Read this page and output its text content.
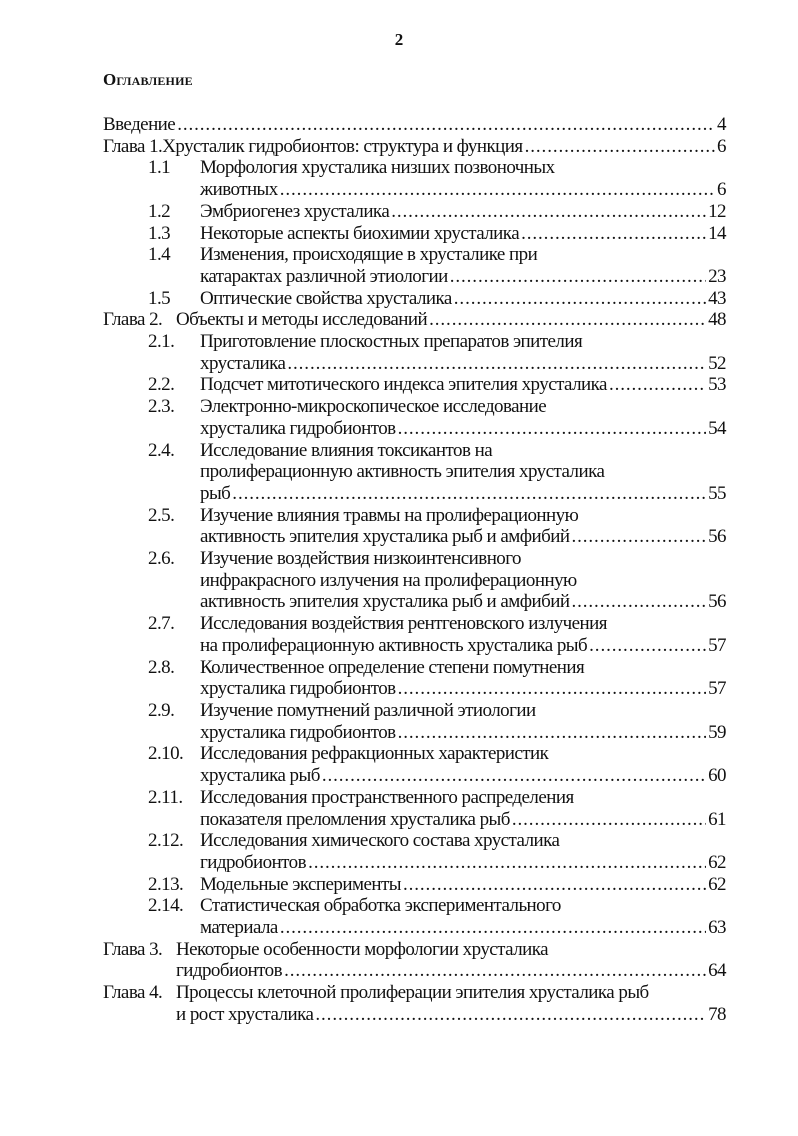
2
Оглавление
Введение .....	4
Глава 1. Хрусталик гидробионтов: структура и функция .....	6
1.1 Морфология хрусталика низших позвоночных
животных .....	6
1.2 Эмбриогенез хрусталика .....	12
1.3 Некоторые аспекты биохимии хрусталика .....	14
1.4 Изменения, происходящие в хрусталике при
катарактах различной этиологии .....	23
1.5 Оптические свойства хрусталика .....	43
Глава 2. Объекты и методы исследований .....	48
2.1. Приготовление плоскостных препаратов эпителия
хрусталика .....	52
2.2. Подсчет митотического индекса эпителия хрусталика .....	53
2.3. Электронно-микроскопическое исследование
хрусталика гидробионтов .....	54
2.4. Исследование влияния токсикантов на
пролиферационную активность эпителия хрусталика
рыб .....	55
2.5. Изучение влияния травмы на пролиферационную
активность эпителия хрусталика рыб и амфибий .....	56
2.6. Изучение воздействия низкоинтенсивного
инфракрасного излучения на пролиферационную
активность эпителия хрусталика рыб и амфибий .....	56
2.7. Исследования воздействия рентгеновского излучения
на пролиферационную активность хрусталика рыб .....	57
2.8. Количественное определение степени помутнения
хрусталика гидробионтов .....	57
2.9. Изучение помутнений различной этиологии
хрусталика гидробионтов .....	59
2.10. Исследования рефракционных характеристик
хрусталика рыб .....	60
2.11. Исследования пространственного распределения
показателя преломления хрусталика рыб .....	61
2.12. Исследования химического состава хрусталика
гидробионтов .....	62
2.13. Модельные эксперименты .....	62
2.14. Статистическая обработка экспериментального
материала .....	63
Глава 3. Некоторые особенности морфологии хрусталика
гидробионтов .....	64
Глава 4. Процессы клеточной пролиферации эпителия хрусталика рыб
и рост хрусталика .....	78
